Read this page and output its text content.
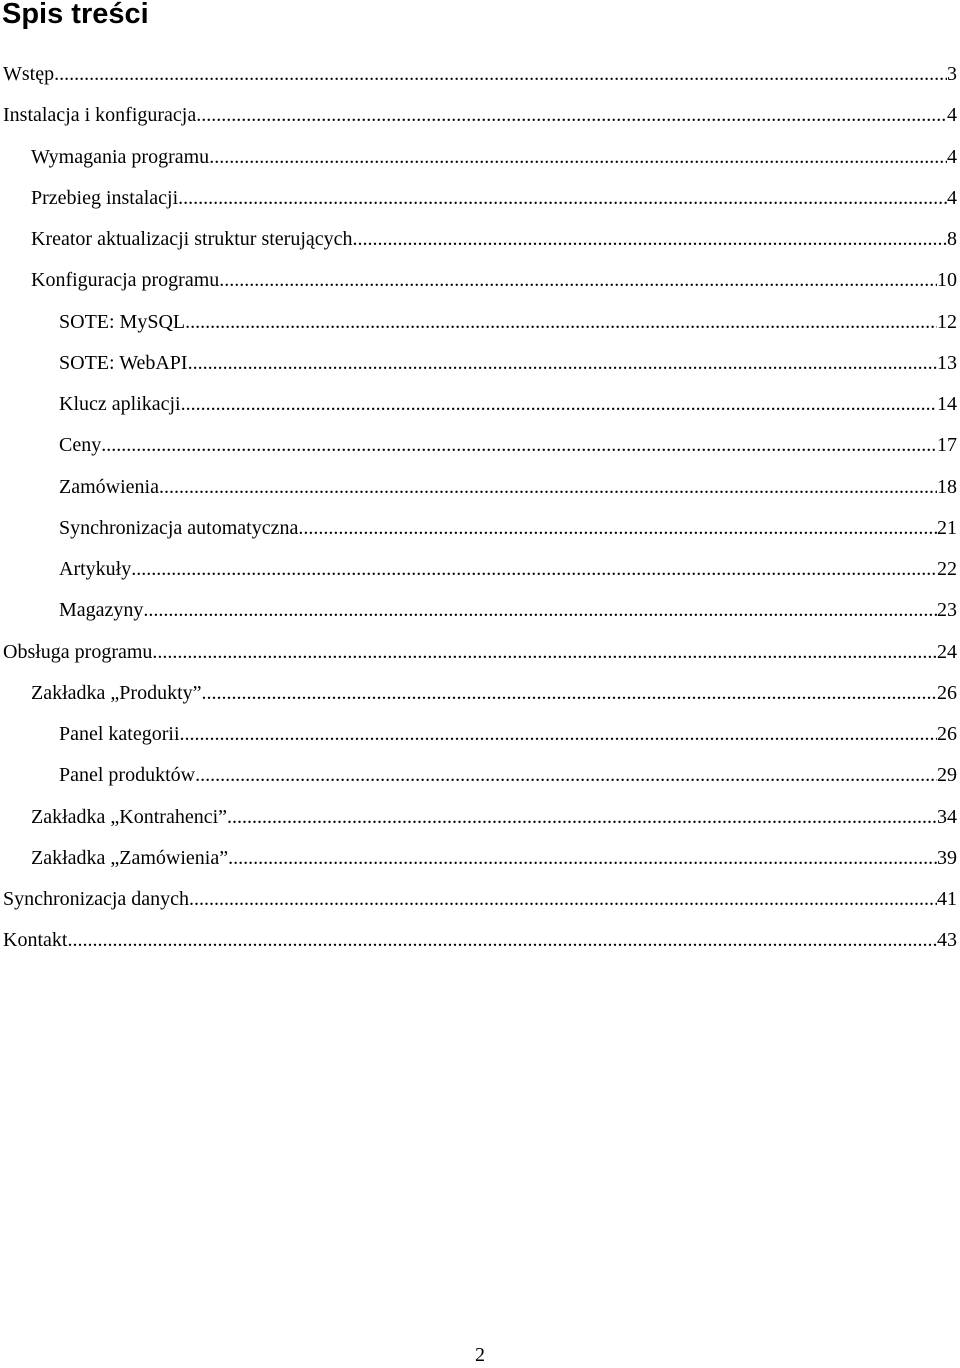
Spis treści
Wstęp .....	3
Instalacja i konfiguracja .....	4
Wymagania programu .....	4
Przebieg instalacji .....	4
Kreator aktualizacji struktur sterujących .....	8
Konfiguracja programu .....	10
SOTE: MySQL .....	12
SOTE: WebAPI .....	13
Klucz aplikacji .....	14
Ceny .....	17
Zamówienia .....	18
Synchronizacja automatyczna .....	21
Artykuły .....	22
Magazyny .....	23
Obsługa programu .....	24
Zakładka „Produkty” .....	26
Panel kategorii .....	26
Panel produktów .....	29
Zakładka „Kontrahenci” .....	34
Zakładka „Zamówienia” .....	39
Synchronizacja danych .....	41
Kontakt .....	43
2
